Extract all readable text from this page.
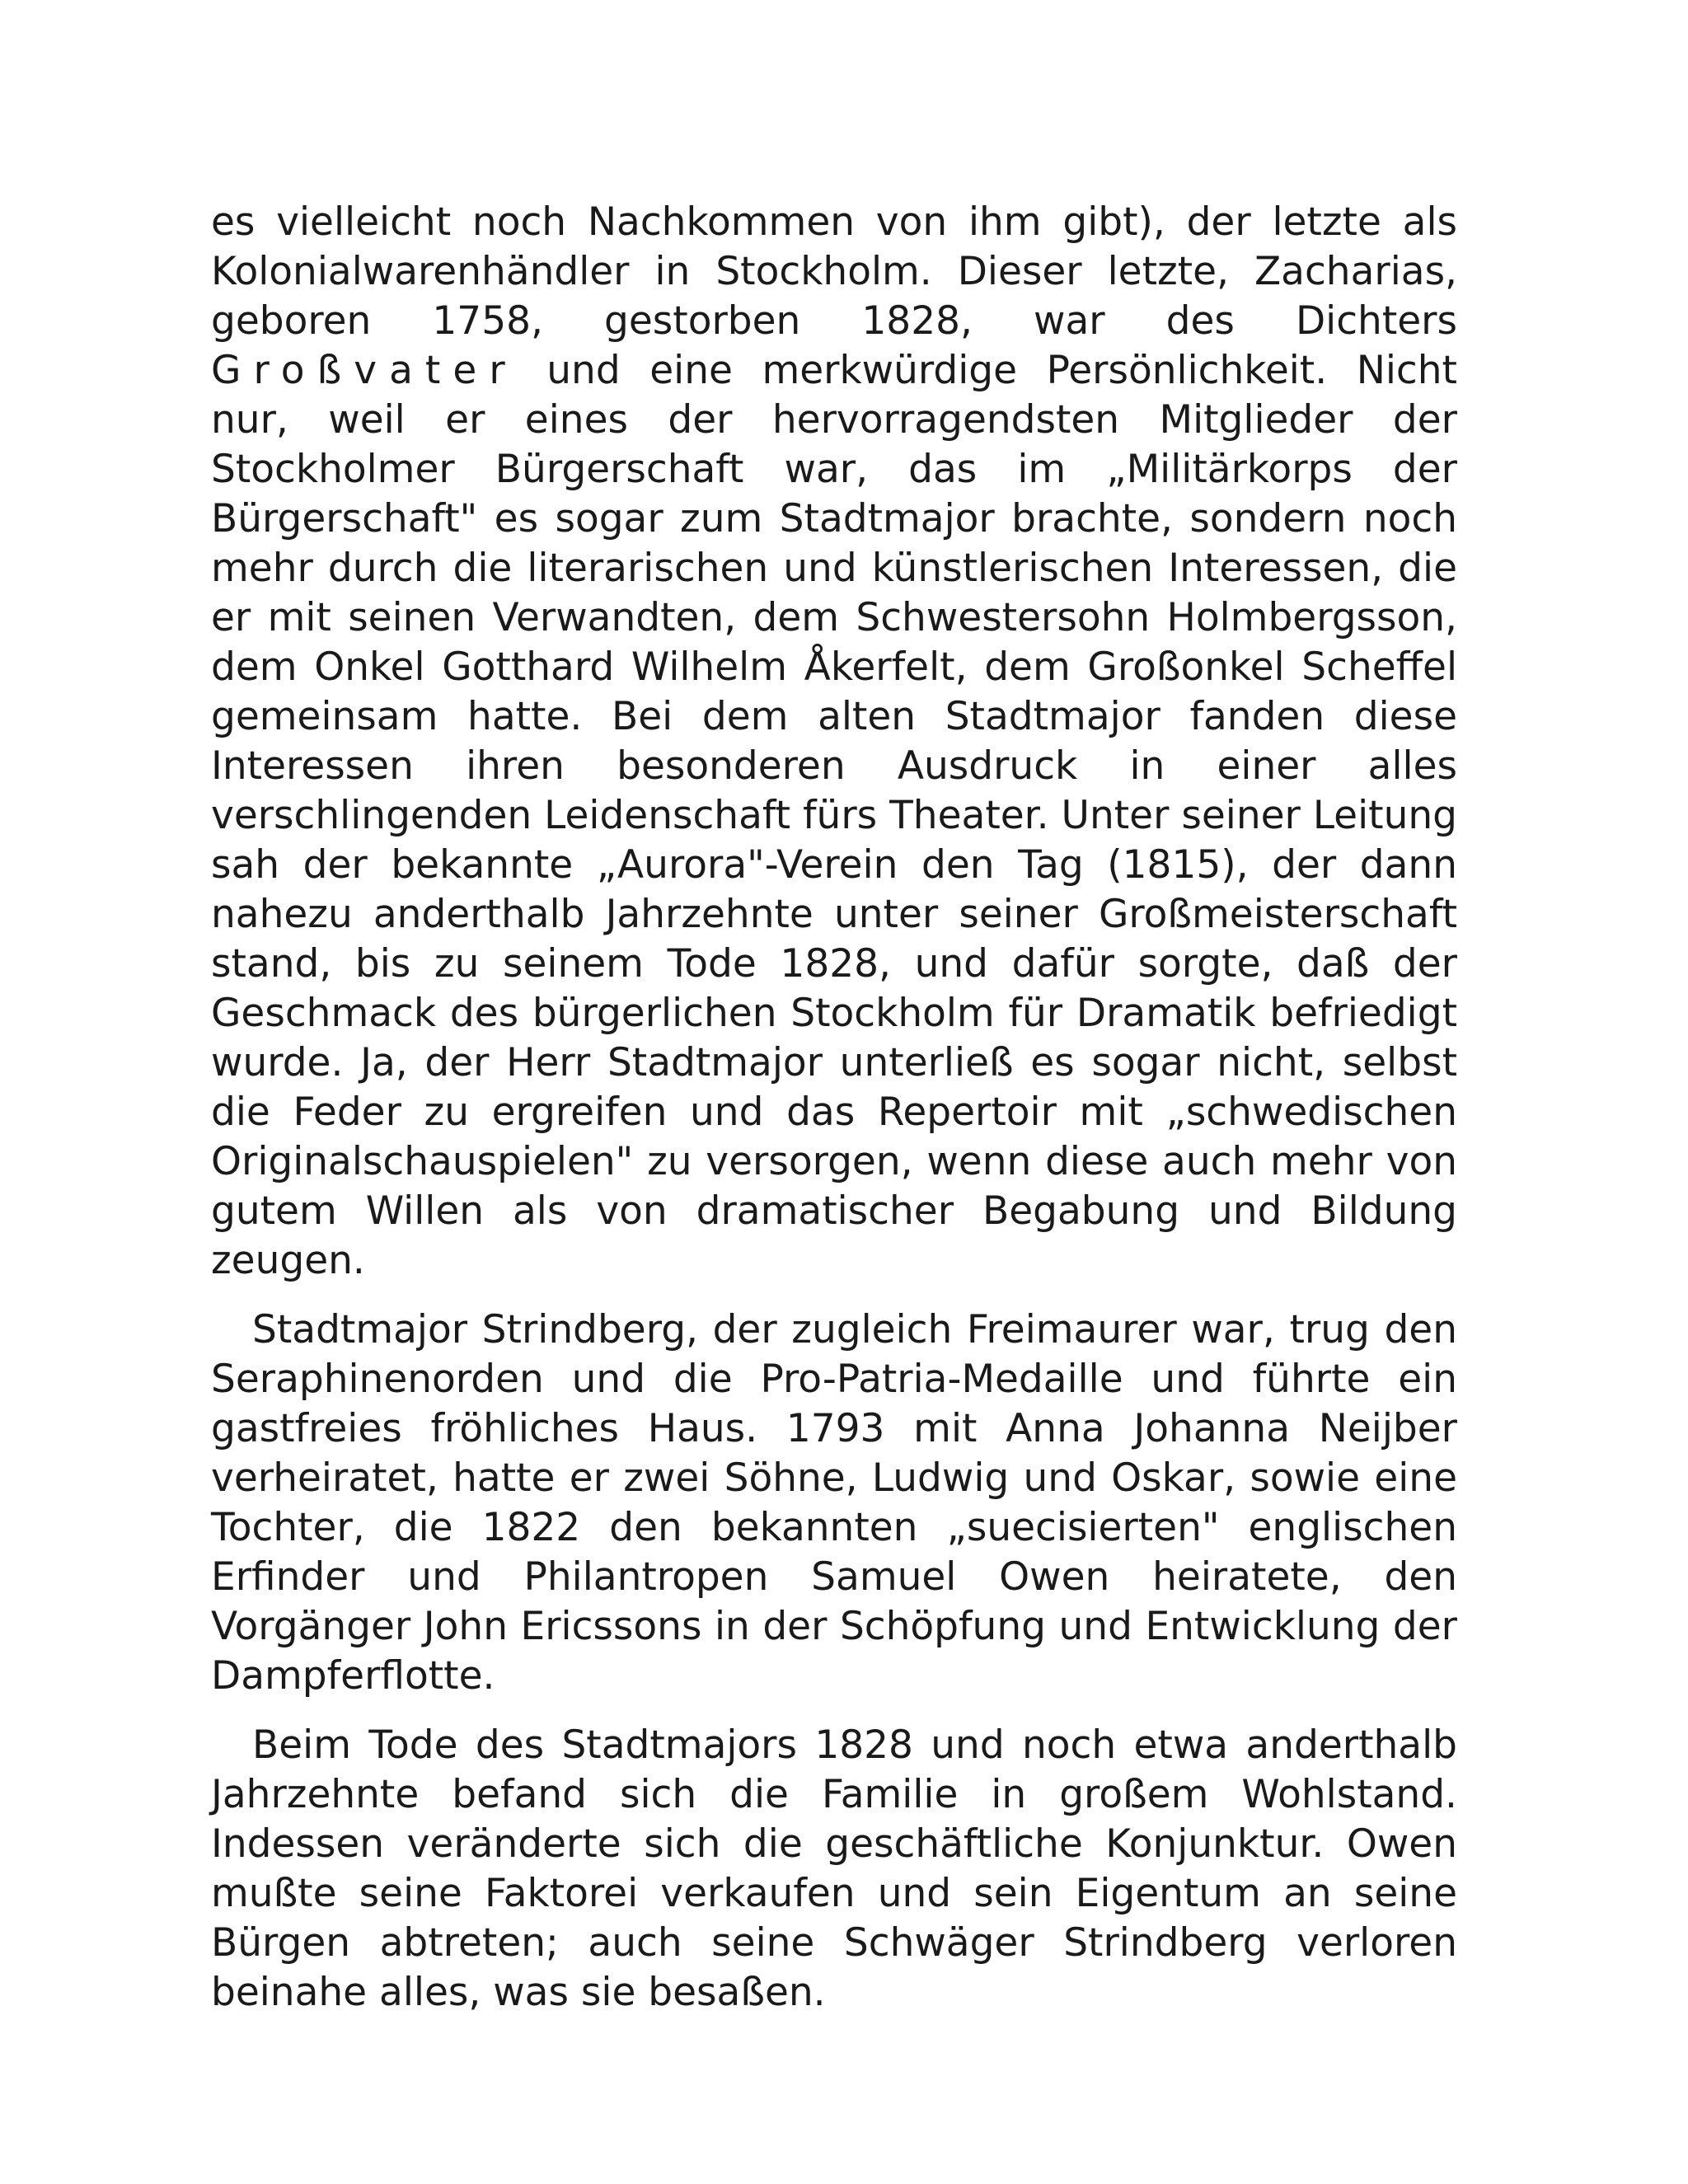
es vielleicht noch Nachkommen von ihm gibt), der letzte als Kolonialwarenhändler in Stockholm. Dieser letzte, Zacharias, geboren 1758, gestorben 1828, war des Dichters Großvater und eine merkwürdige Persönlichkeit. Nicht nur, weil er eines der hervorragendsten Mitglieder der Stockholmer Bürgerschaft war, das im „Militärkorps der Bürgerschaft" es sogar zum Stadtmajor brachte, sondern noch mehr durch die literarischen und künstlerischen Interessen, die er mit seinen Verwandten, dem Schwestersohn Holmbergsson, dem Onkel Gotthard Wilhelm Åkerfelt, dem Großonkel Scheffel gemeinsam hatte. Bei dem alten Stadtmajor fanden diese Interessen ihren besonderen Ausdruck in einer alles verschlingenden Leidenschaft fürs Theater. Unter seiner Leitung sah der bekannte „Aurora"-Verein den Tag (1815), der dann nahezu anderthalb Jahrzehnte unter seiner Großmeisterschaft stand, bis zu seinem Tode 1828, und dafür sorgte, daß der Geschmack des bürgerlichen Stockholm für Dramatik befriedigt wurde. Ja, der Herr Stadtmajor unterließ es sogar nicht, selbst die Feder zu ergreifen und das Repertoir mit „schwedischen Originalschauspielen" zu versorgen, wenn diese auch mehr von gutem Willen als von dramatischer Begabung und Bildung zeugen.

Stadtmajor Strindberg, der zugleich Freimaurer war, trug den Seraphinenorden und die Pro-Patria-Medaille und führte ein gastfreies fröhliches Haus. 1793 mit Anna Johanna Neijber verheiratet, hatte er zwei Söhne, Ludwig und Oskar, sowie eine Tochter, die 1822 den bekannten „suecisierten" englischen Erfinder und Philantropen Samuel Owen heiratete, den Vorgänger John Ericssons in der Schöpfung und Entwicklung der Dampferflotte.

Beim Tode des Stadtmajors 1828 und noch etwa anderthalb Jahrzehnte befand sich die Familie in großem Wohlstand. Indessen veränderte sich die geschäftliche Konjunktur. Owen mußte seine Faktorei verkaufen und sein Eigentum an seine Bürgen abtreten; auch seine Schwäger Strindberg verloren beinahe alles, was sie besaßen.
